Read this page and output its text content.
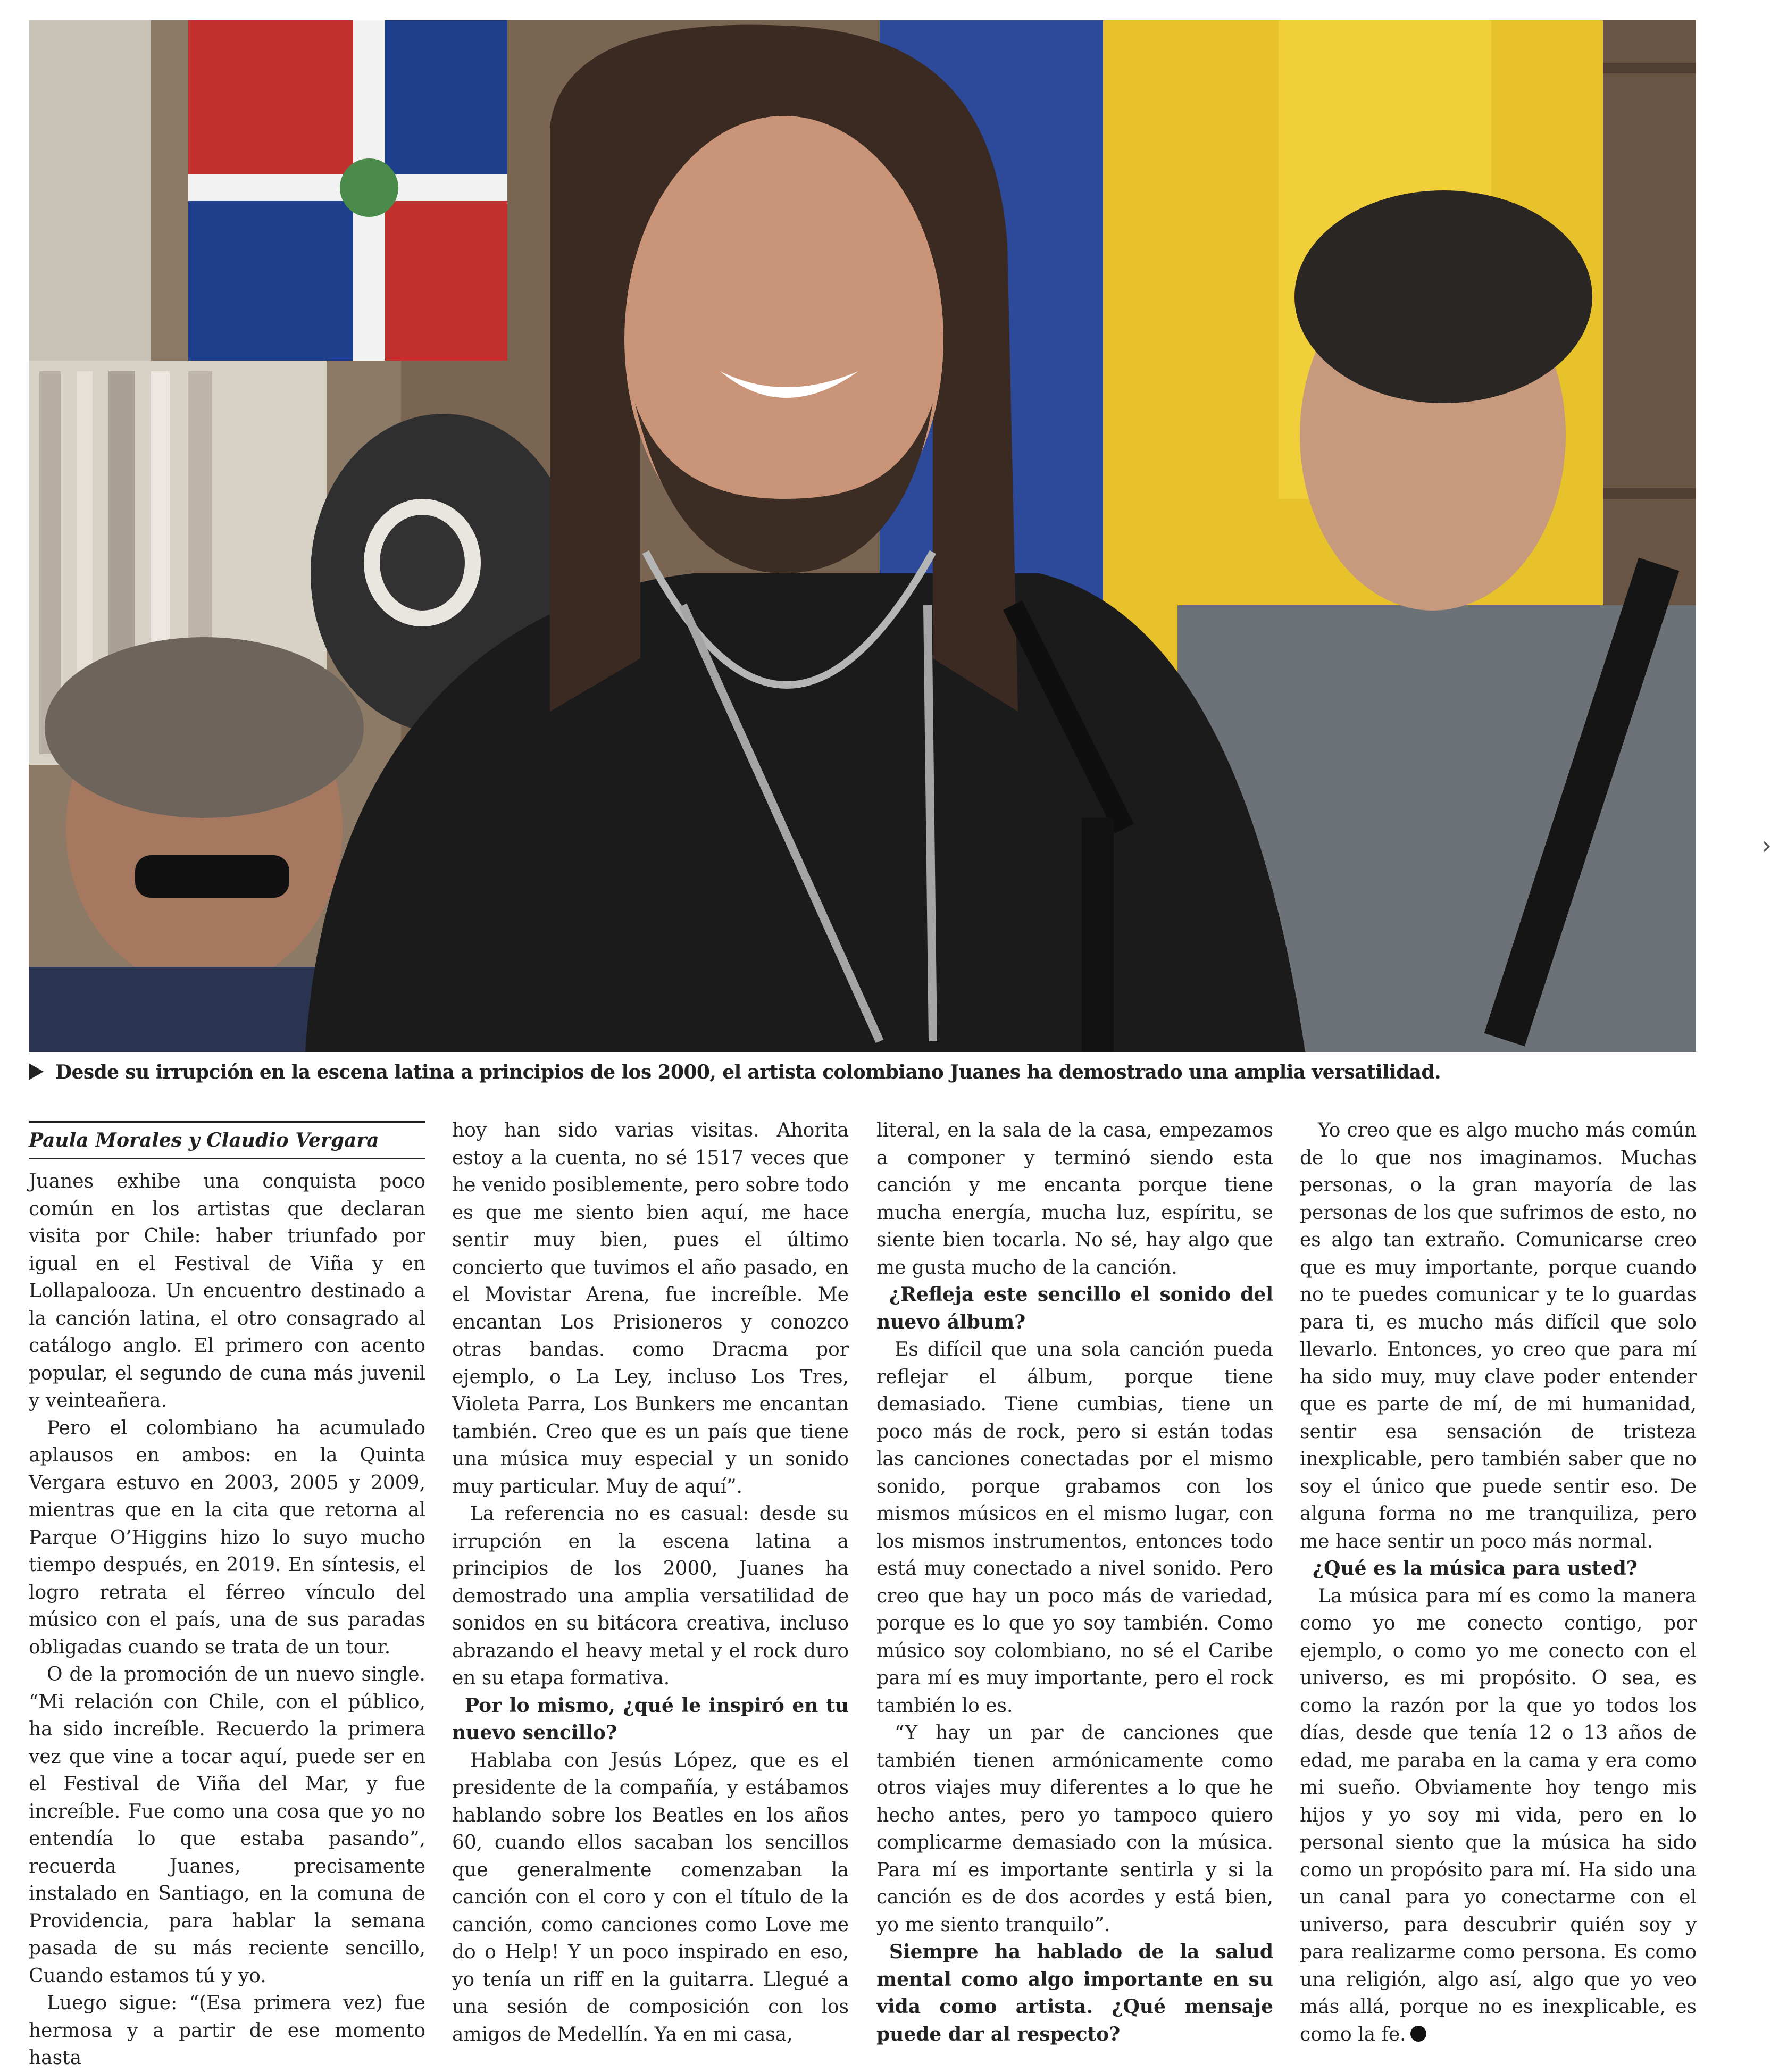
Desde su irrupción en la escena latina a principios de los 2000, el artista colombiano Juanes ha demostrado una amplia versatilidad.
›
Paula Morales y Claudio Vergara

Juanes exhibe una conquista poco común en los artistas que declaran visita por Chile: haber triunfado por igual en el Festival de Viña y en Lollapalooza. Un encuentro destinado a la canción latina, el otro consagrado al catálogo anglo. El primero con acento popular, el segundo de cuna más juvenil y veinteañera.

Pero el colombiano ha acumulado aplausos en ambos: en la Quinta Vergara estuvo en 2003, 2005 y 2009, mientras que en la cita que retorna al Parque O’Higgins hizo lo suyo mucho tiempo después, en 2019. En síntesis, el logro retrata el férreo vínculo del músico con el país, una de sus paradas obligadas cuando se trata de un tour.

O de la promoción de un nuevo single. “Mi relación con Chile, con el público, ha sido increíble. Recuerdo la primera vez que vine a tocar aquí, puede ser en el Festival de Viña del Mar, y fue increíble. Fue como una cosa que yo no entendía lo que estaba pasando”, recuerda Juanes, precisamente instalado en Santiago, en la comuna de Providencia, para hablar la semana pasada de su más reciente sencillo, Cuando estamos tú y yo.

Luego sigue: “(Esa primera vez) fue hermosa y a partir de ese momento hasta

hoy han sido varias visitas. Ahorita estoy a la cuenta, no sé 1517 veces que he venido posiblemente, pero sobre todo es que me siento bien aquí, me hace sentir muy bien, pues el último concierto que tuvimos el año pasado, en el Movistar Arena, fue increíble. Me encantan Los Prisioneros y conozco otras bandas. como Dracma por ejemplo, o La Ley, incluso Los Tres, Violeta Parra, Los Bunkers me encantan también. Creo que es un país que tiene una música muy especial y un sonido muy particular. Muy de aquí”.

La referencia no es casual: desde su irrupción en la escena latina a principios de los 2000, Juanes ha demostrado una amplia versatilidad de sonidos en su bitácora creativa, incluso abrazando el heavy metal y el rock duro en su etapa formativa.

Por lo mismo, ¿qué le inspiró en tu nuevo sencillo?

Hablaba con Jesús López, que es el presidente de la compañía, y estábamos hablando sobre los Beatles en los años 60, cuando ellos sacaban los sencillos que generalmente comenzaban la canción con el coro y con el título de la canción, como canciones como Love me do o Help! Y un poco inspirado en eso, yo tenía un riff en la guitarra. Llegué a una sesión de composición con los amigos de Medellín. Ya en mi casa,

literal, en la sala de la casa, empezamos a componer y terminó siendo esta canción y me encanta porque tiene mucha energía, mucha luz, espíritu, se siente bien tocarla. No sé, hay algo que me gusta mucho de la canción.

¿Refleja este sencillo el sonido del nuevo álbum?

Es difícil que una sola canción pueda reflejar el álbum, porque tiene demasiado. Tiene cumbias, tiene un poco más de rock, pero si están todas las canciones conectadas por el mismo sonido, porque grabamos con los mismos músicos en el mismo lugar, con los mismos instrumentos, entonces todo está muy conectado a nivel sonido. Pero creo que hay un poco más de variedad, porque es lo que yo soy también. Como músico soy colombiano, no sé el Caribe para mí es muy importante, pero el rock también lo es.

“Y hay un par de canciones que también tienen armónicamente como otros viajes muy diferentes a lo que he hecho antes, pero yo tampoco quiero complicarme demasiado con la música. Para mí es importante sentirla y si la canción es de dos acordes y está bien, yo me siento tranquilo”.

Siempre ha hablado de la salud mental como algo importante en su vida como artista. ¿Qué mensaje puede dar al respecto?

Yo creo que es algo mucho más común de lo que nos imaginamos. Muchas personas, o la gran mayoría de las personas de los que sufrimos de esto, no es algo tan extraño. Comunicarse creo que es muy importante, porque cuando no te puedes comunicar y te lo guardas para ti, es mucho más difícil que solo llevarlo. Entonces, yo creo que para mí ha sido muy, muy clave poder entender que es parte de mí, de mi humanidad, sentir esa sensación de tristeza inexplicable, pero también saber que no soy el único que puede sentir eso. De alguna forma no me tranquiliza, pero me hace sentir un poco más normal.

¿Qué es la música para usted?

La música para mí es como la manera como yo me conecto contigo, por ejemplo, o como yo me conecto con el universo, es mi propósito. O sea, es como la razón por la que yo todos los días, desde que tenía 12 o 13 años de edad, me paraba en la cama y era como mi sueño. Obviamente hoy tengo mis hijos y yo soy mi vida, pero en lo personal siento que la música ha sido como un propósito para mí. Ha sido una un canal para yo conectarme con el universo, para descubrir quién soy y para realizarme como persona. Es como una religión, algo así, algo que yo veo más allá, porque no es inexplicable, es como la fe.
